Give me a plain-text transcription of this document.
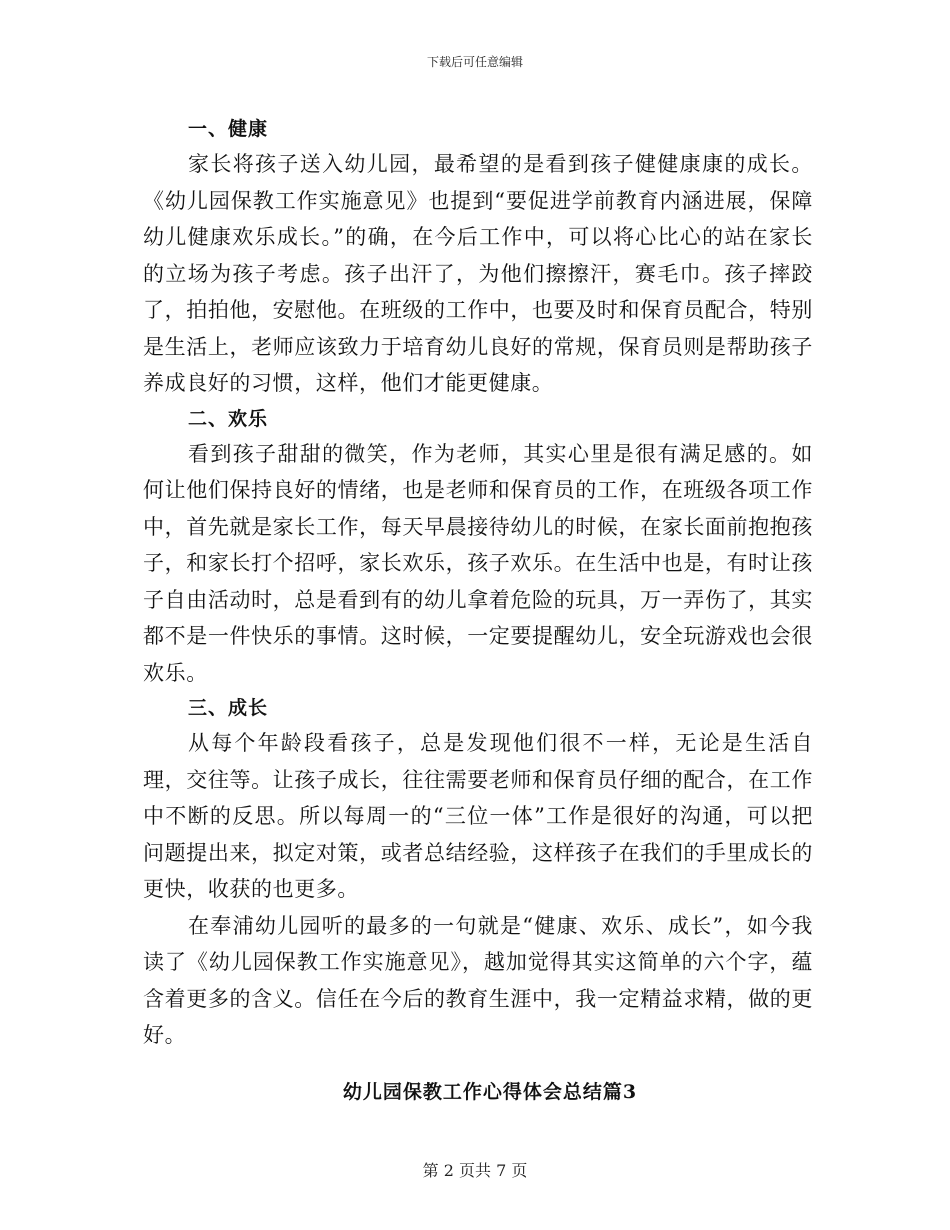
下载后可任意编辑

一、健康

家长将孩子送入幼儿园，最希望的是看到孩子健健康康的成长。《幼儿园保教工作实施意见》也提到“要促进学前教育内涵进展，保障幼儿健康欢乐成长。”的确，在今后工作中，可以将心比心的站在家长的立场为孩子考虑。孩子出汗了，为他们擦擦汗，赛毛巾。孩子摔跤了，拍拍他，安慰他。在班级的工作中，也要及时和保育员配合，特别是生活上，老师应该致力于培育幼儿良好的常规，保育员则是帮助孩子养成良好的习惯，这样，他们才能更健康。

二、欢乐

看到孩子甜甜的微笑，作为老师，其实心里是很有满足感的。如何让他们保持良好的情绪，也是老师和保育员的工作，在班级各项工作中，首先就是家长工作，每天早晨接待幼儿的时候，在家长面前抱抱孩子，和家长打个招呼，家长欢乐，孩子欢乐。在生活中也是，有时让孩子自由活动时，总是看到有的幼儿拿着危险的玩具，万一弄伤了，其实都不是一件快乐的事情。这时候，一定要提醒幼儿，安全玩游戏也会很欢乐。

三、成长

从每个年龄段看孩子，总是发现他们很不一样，无论是生活自理，交往等。让孩子成长，往往需要老师和保育员仔细的配合，在工作中不断的反思。所以每周一的“三位一体”工作是很好的沟通，可以把问题提出来，拟定对策，或者总结经验，这样孩子在我们的手里成长的更快，收获的也更多。

在奉浦幼儿园听的最多的一句就是“健康、欢乐、成长”，如今我读了《幼儿园保教工作实施意见》，越加觉得其实这简单的六个字，蕴含着更多的含义。信任在今后的教育生涯中，我一定精益求精，做的更好。

幼儿园保教工作心得体会总结篇3
第 2 页共 7 页
